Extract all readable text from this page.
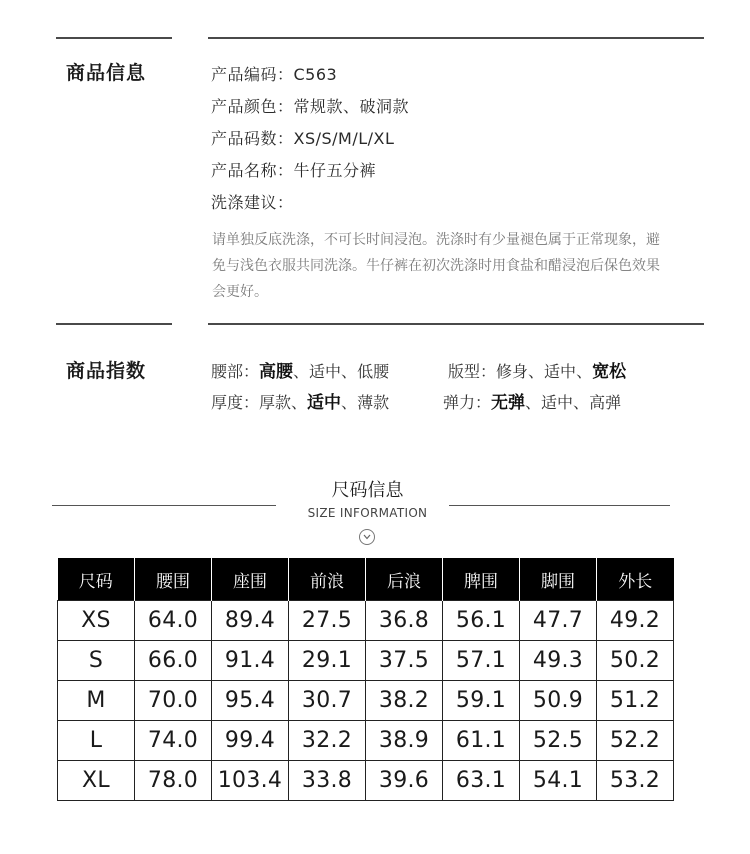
商品信息	产品编码：C563
产品颜色：常规款、破洞款
产品码数：XS/S/M/L/XL
产品名称：牛仔五分裤
洗涤建议：
请单独反底洗涤，不可长时间浸泡。洗涤时有少量褪色属于正常现象，避免与浅色衣服共同洗涤。牛仔裤在初次洗涤时用食盐和醋浸泡后保色效果会更好。
商品指数	腰部：高腰、适中、低腰	版型：修身、适中、宽松
厚度：厚款、适中、薄款	弹力：无弹、适中、高弹
尺码信息
SIZE INFORMATION
尺码	腰围	座围	前浪	后浪	脾围	脚围	外长
XS	64.0	89.4	27.5	36.8	56.1	47.7	49.2
S	66.0	91.4	29.1	37.5	57.1	49.3	50.2
M	70.0	95.4	30.7	38.2	59.1	50.9	51.2
L	74.0	99.4	32.2	38.9	61.1	52.5	52.2
XL	78.0	103.4	33.8	39.6	63.1	54.1	53.2
